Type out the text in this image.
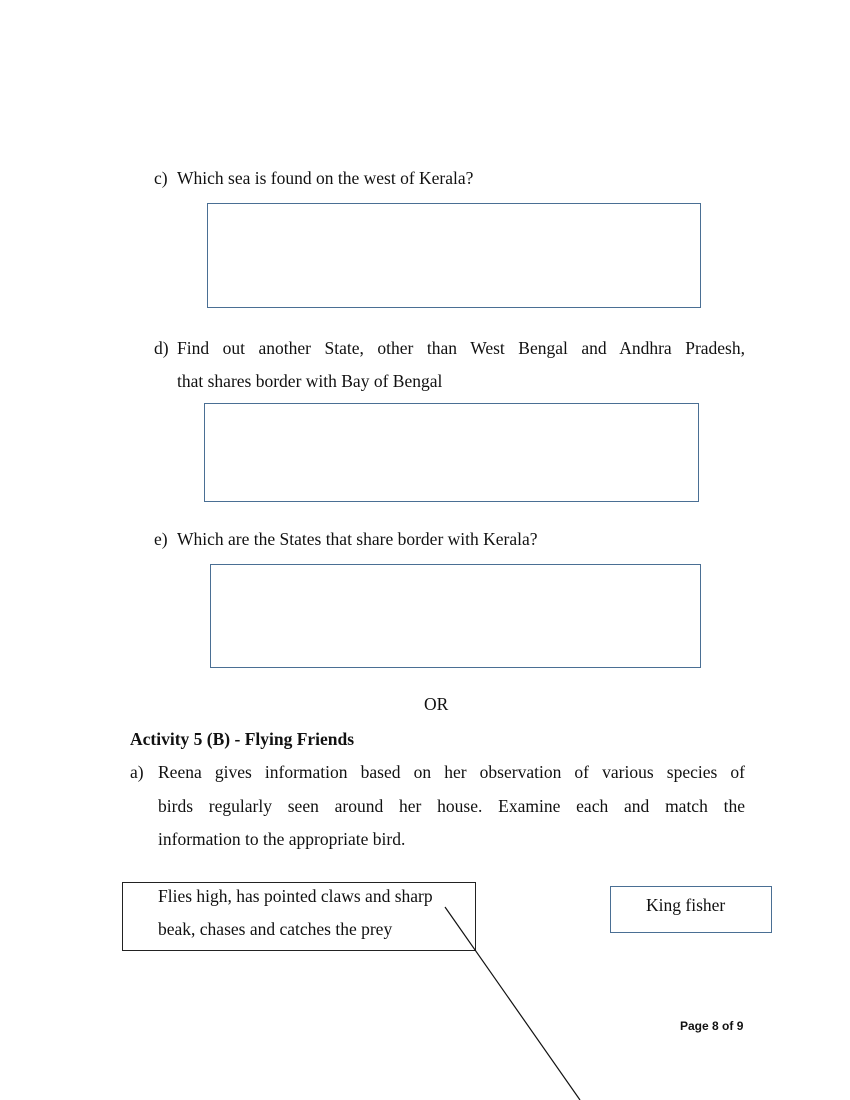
c) Which sea is found on the west of Kerala?
d) Find out another State, other than West Bengal and Andhra Pradesh,
that shares border with Bay of Bengal
e) Which are the States that share border with Kerala?
OR
Activity 5 (B) - Flying Friends
a) Reena gives information based on her observation of various species of
birds regularly seen around her house. Examine each and match the
information to the appropriate bird.
Flies high, has pointed claws and sharp
beak, chases and catches the prey
King fisher
Page 8 of 9
